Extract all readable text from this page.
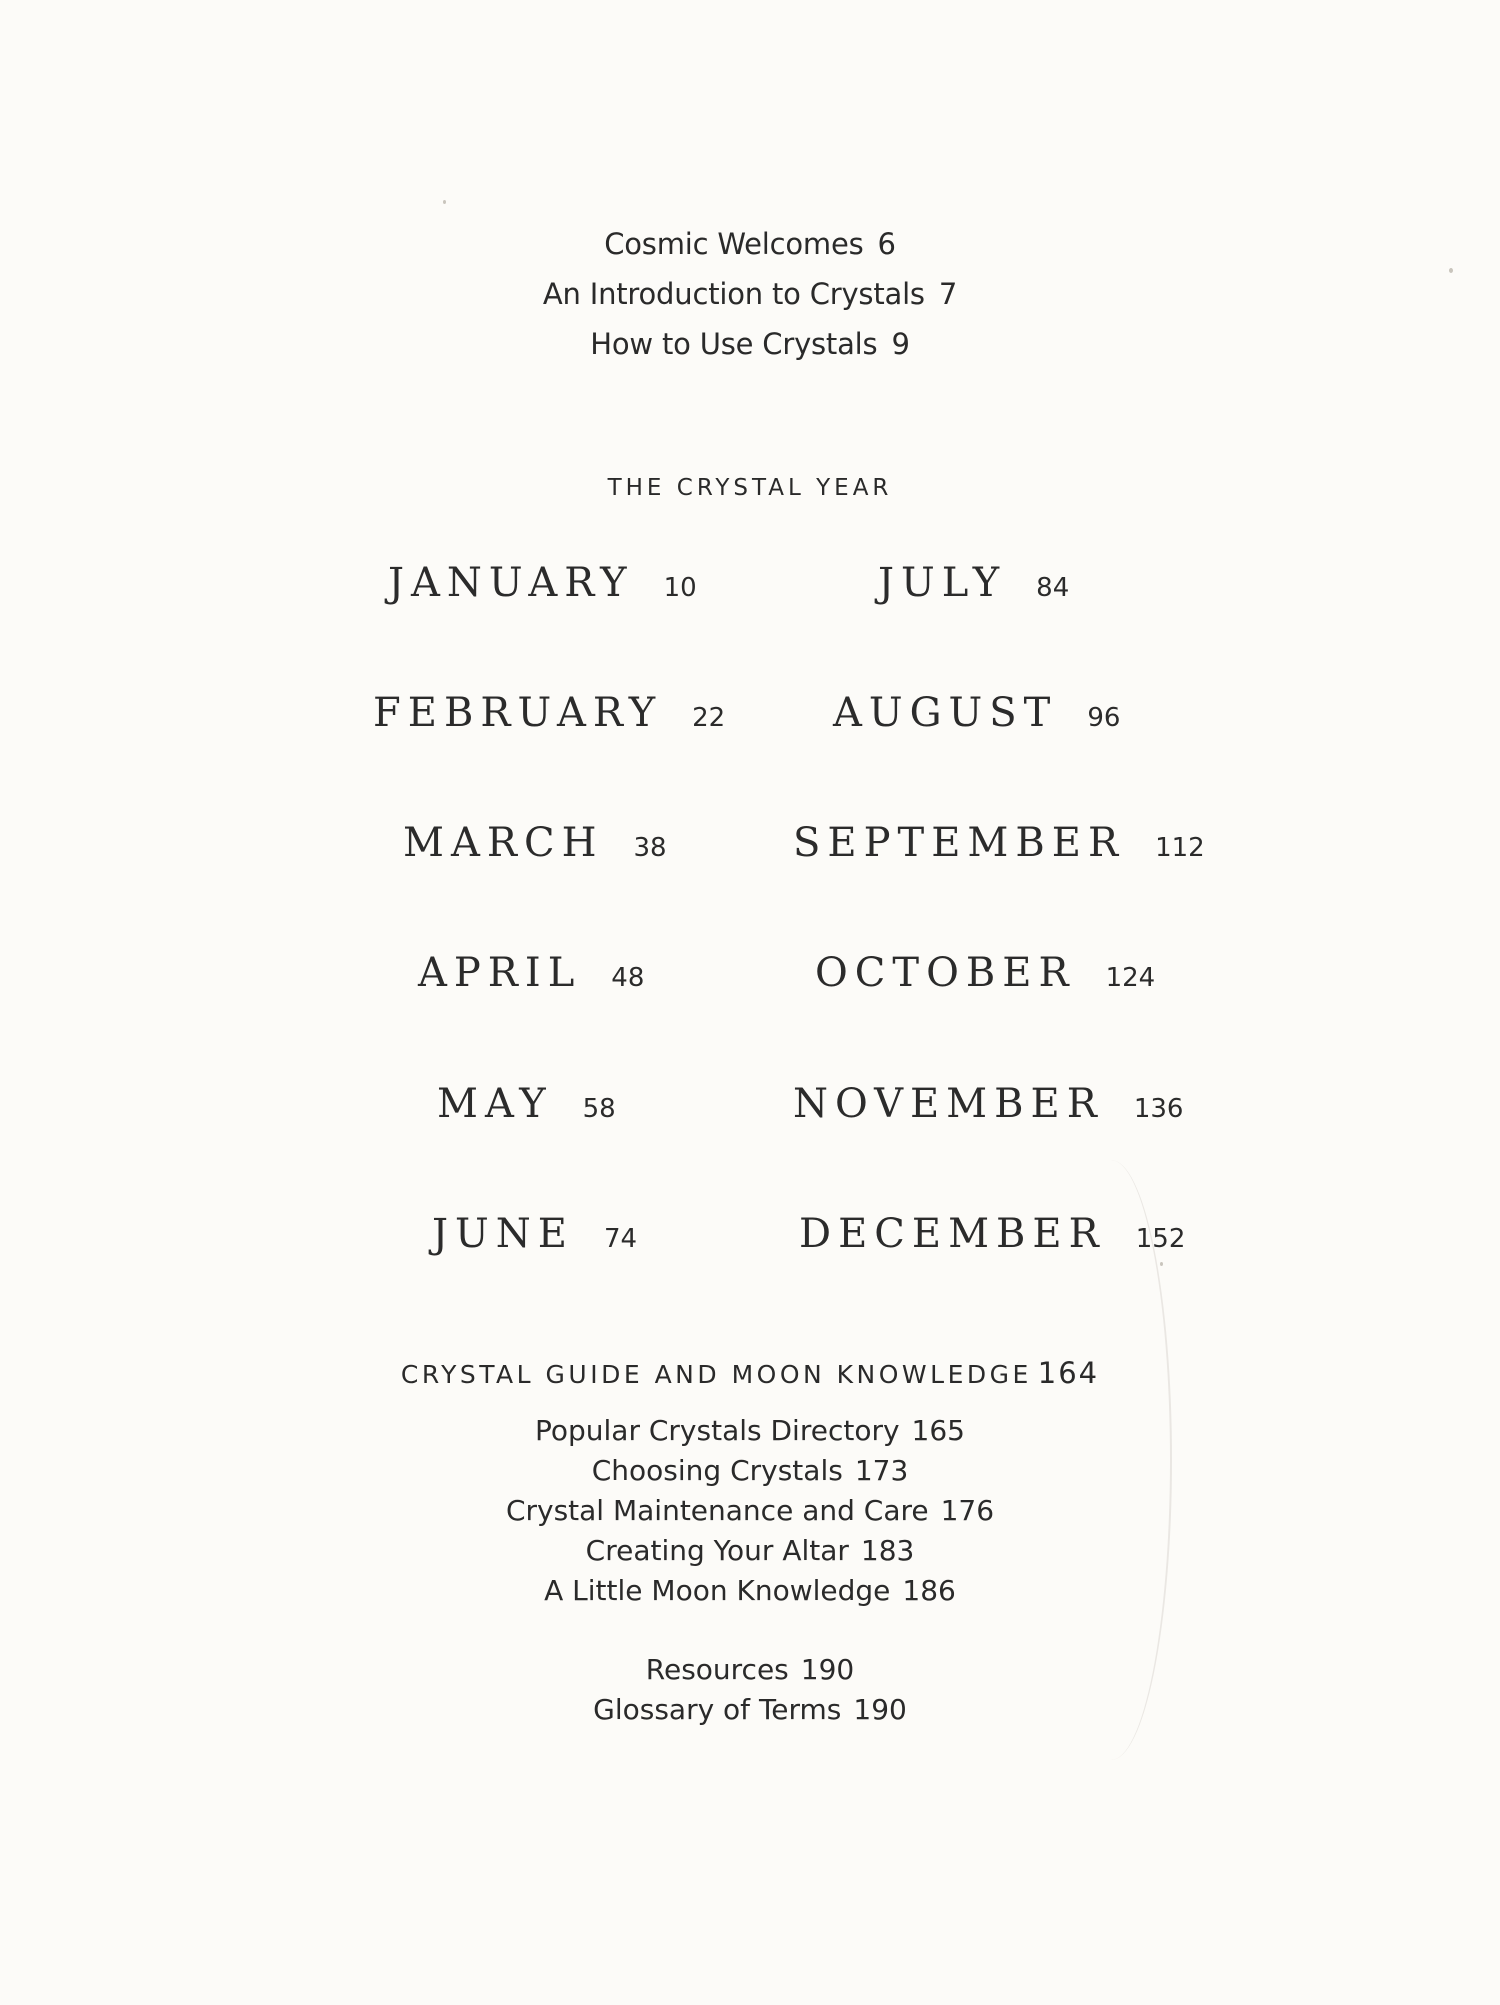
Cosmic Welcomes 6
An Introduction to Crystals 7
How to Use Crystals 9
THE CRYSTAL YEAR
JANUARY 10
FEBRUARY 22
MARCH 38
APRIL 48
MAY 58
JUNE 74
JULY 84
AUGUST 96
SEPTEMBER 112
OCTOBER 124
NOVEMBER 136
DECEMBER 152
CRYSTAL GUIDE AND MOON KNOWLEDGE 164
Popular Crystals Directory 165
Choosing Crystals 173
Crystal Maintenance and Care 176
Creating Your Altar 183
A Little Moon Knowledge 186
Resources 190
Glossary of Terms 190
